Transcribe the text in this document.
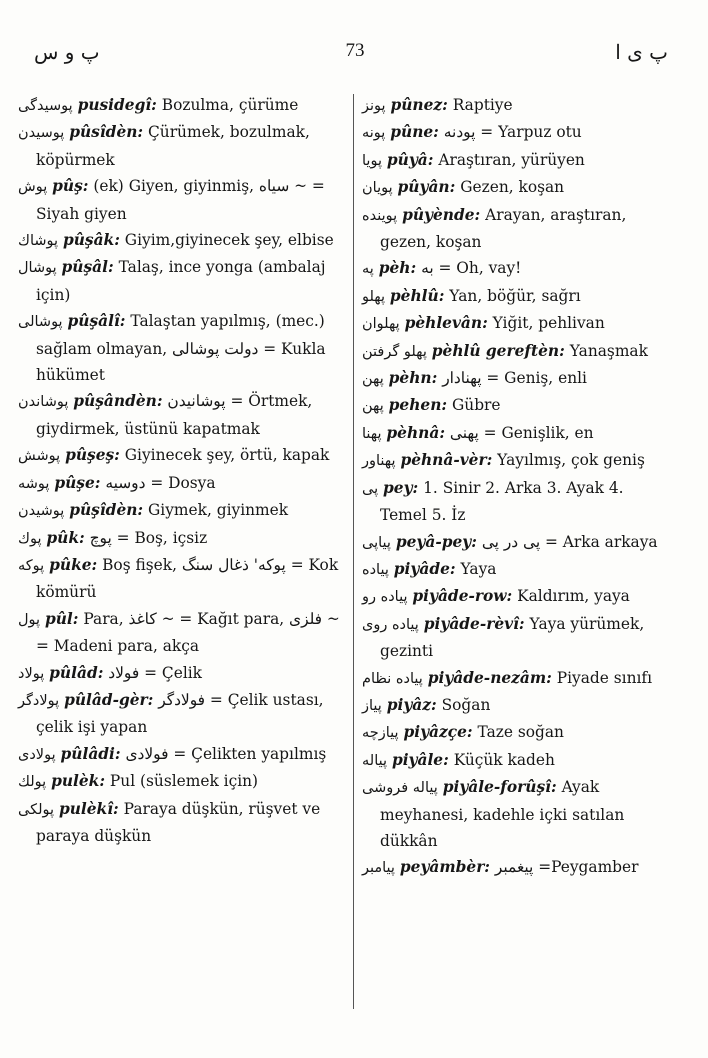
پ و س	73	پ ى ا
پوسیدگی pusidegî: Bozulma, çürüme
پوسیدن pûsîdèn: Çürümek, bozulmak, köpürmek
پوش pûş: (ek) Giyen, giyinmiş, سیاه ~ = Siyah giyen
پوشاك pûşâk: Giyim,giyinecek şey, elbise
پوشال pûşâl: Talaş, ince yonga (ambalaj için)
پوشالی pûşâlî: Talaştan yapılmış, (mec.) sağlam olmayan, دولت پوشالی = Kukla hükümet
پوشاندن pûşândèn: پوشانیدن = Örtmek, giydirmek, üstünü kapatmak
پوشش pûşeş: Giyinecek şey, örtü, kapak
پوشه pûşe: دوسیه = Dosya
پوشیدن pûşîdèn: Giymek, giyinmek
پوك pûk: پوچ = Boş, içsiz
پوكه pûke: Boş fişek, پوكه' ذغال سنگ = Kok kömürü
پول pûl: Para, كاغذ ~ = Kağıt para, فلزی ~ = Madeni para, akça
پولاد pûlâd: فولاد = Çelik
پولادگر pûlâd-gèr: فولادگر = Çelik ustası, çelik işi yapan
پولادی pûlâdi: فولادی = Çelikten yapılmış
پولك pulèk: Pul (süslemek için)
پولكی pulèkî: Paraya düşkün, rüşvet ve paraya düşkün
پونز pûnez: Raptiye
پونه pûne: پودنه = Yarpuz otu
پویا pûyâ: Araştıran, yürüyen
پویان pûyân: Gezen, koşan
پوینده pûyènde: Arayan, araştıran, gezen, koşan
په pèh: به = Oh, vay!
پهلو pèhlû: Yan, böğür, sağrı
پهلوان pèhlevân: Yiğit, pehlivan
پهلو گرفتن pèhlû gereftèn: Yanaşmak
پهن pèhn: پهنادار = Geniş, enli
پهن pehen: Gübre
پهنا pèhnâ: پهنی = Genişlik, en
پهناور pèhnâ-vèr: Yayılmış, çok geniş
پی pey: 1. Sinir 2. Arka 3. Ayak 4. Temel 5. İz
پیاپی peyâ-pey: پی در پی = Arka arkaya
پیاده piyâde: Yaya
پیاده رو piyâde-row: Kaldırım, yaya
پیاده روی piyâde-rèvî: Yaya yürümek, gezinti
پیاده نظام piyâde-nezâm: Piyade sınıfı
پیاز piyâz: Soğan
پیازچه piyâzçe: Taze soğan
پیاله piyâle: Küçük kadeh
پیاله فروشی piyâle-forûşî: Ayak meyhanesi, kadehle içki satılan dükkân
پیامبر peyâmbèr: پیغمبر =Peygamber
